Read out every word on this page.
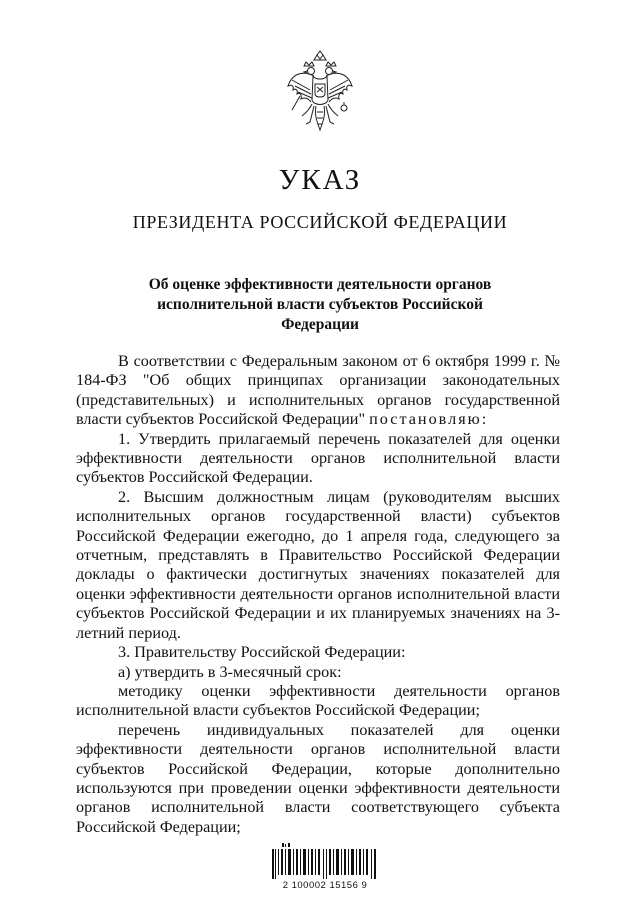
УКАЗ
ПРЕЗИДЕНТА РОССИЙСКОЙ ФЕДЕРАЦИИ
Об оценке эффективности деятельности органов
исполнительной власти субъектов Российской
Федерации

В соответствии с Федеральным законом от 6 октября 1999 г. № 184-ФЗ "Об общих принципах организации законодательных (представительных) и исполнительных органов государственной власти субъектов Российской Федерации" постановляю:

1. Утвердить прилагаемый перечень показателей для оценки эффективности деятельности органов исполнительной власти субъектов Российской Федерации.

2. Высшим должностным лицам (руководителям высших исполнительных органов государственной власти) субъектов Российской Федерации ежегодно, до 1 апреля года, следующего за отчетным, представлять в Правительство Российской Федерации доклады о фактически достигнутых значениях показателей для оценки эффективности деятельности органов исполнительной власти субъектов Российской Федерации и их планируемых значениях на 3-летний период.

3. Правительству Российской Федерации:

а) утвердить в 3-месячный срок:

методику оценки эффективности деятельности органов исполнительной власти субъектов Российской Федерации;

перечень индивидуальных показателей для оценки эффективности деятельности органов исполнительной власти субъектов Российской Федерации, которые дополнительно используются при проведении оценки эффективности деятельности органов исполнительной власти соответствующего субъекта Российской Федерации;

2 100002 15156 9
